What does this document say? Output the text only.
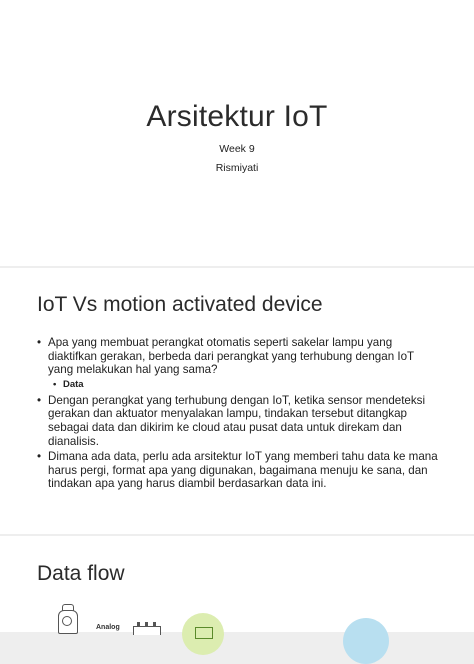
Arsitektur IoT
Week 9
Rismiyati
IoT Vs motion activated device
• Apa yang membuat perangkat otomatis seperti sakelar lampu yang diaktifkan gerakan, berbeda dari perangkat yang terhubung dengan IoT yang melakukan hal yang sama?
• Data
• Dengan perangkat yang terhubung dengan IoT, ketika sensor mendeteksi gerakan dan aktuator menyalakan lampu, tindakan tersebut ditangkap sebagai data dan dikirim ke cloud atau pusat data untuk direkam dan dianalisis.
• Dimana ada data, perlu ada arsitektur IoT yang memberi tahu data ke mana harus pergi, format apa yang digunakan, bagaimana menuju ke sana, dan tindakan apa yang harus diambil berdasarkan data ini.
Data flow
Analog
